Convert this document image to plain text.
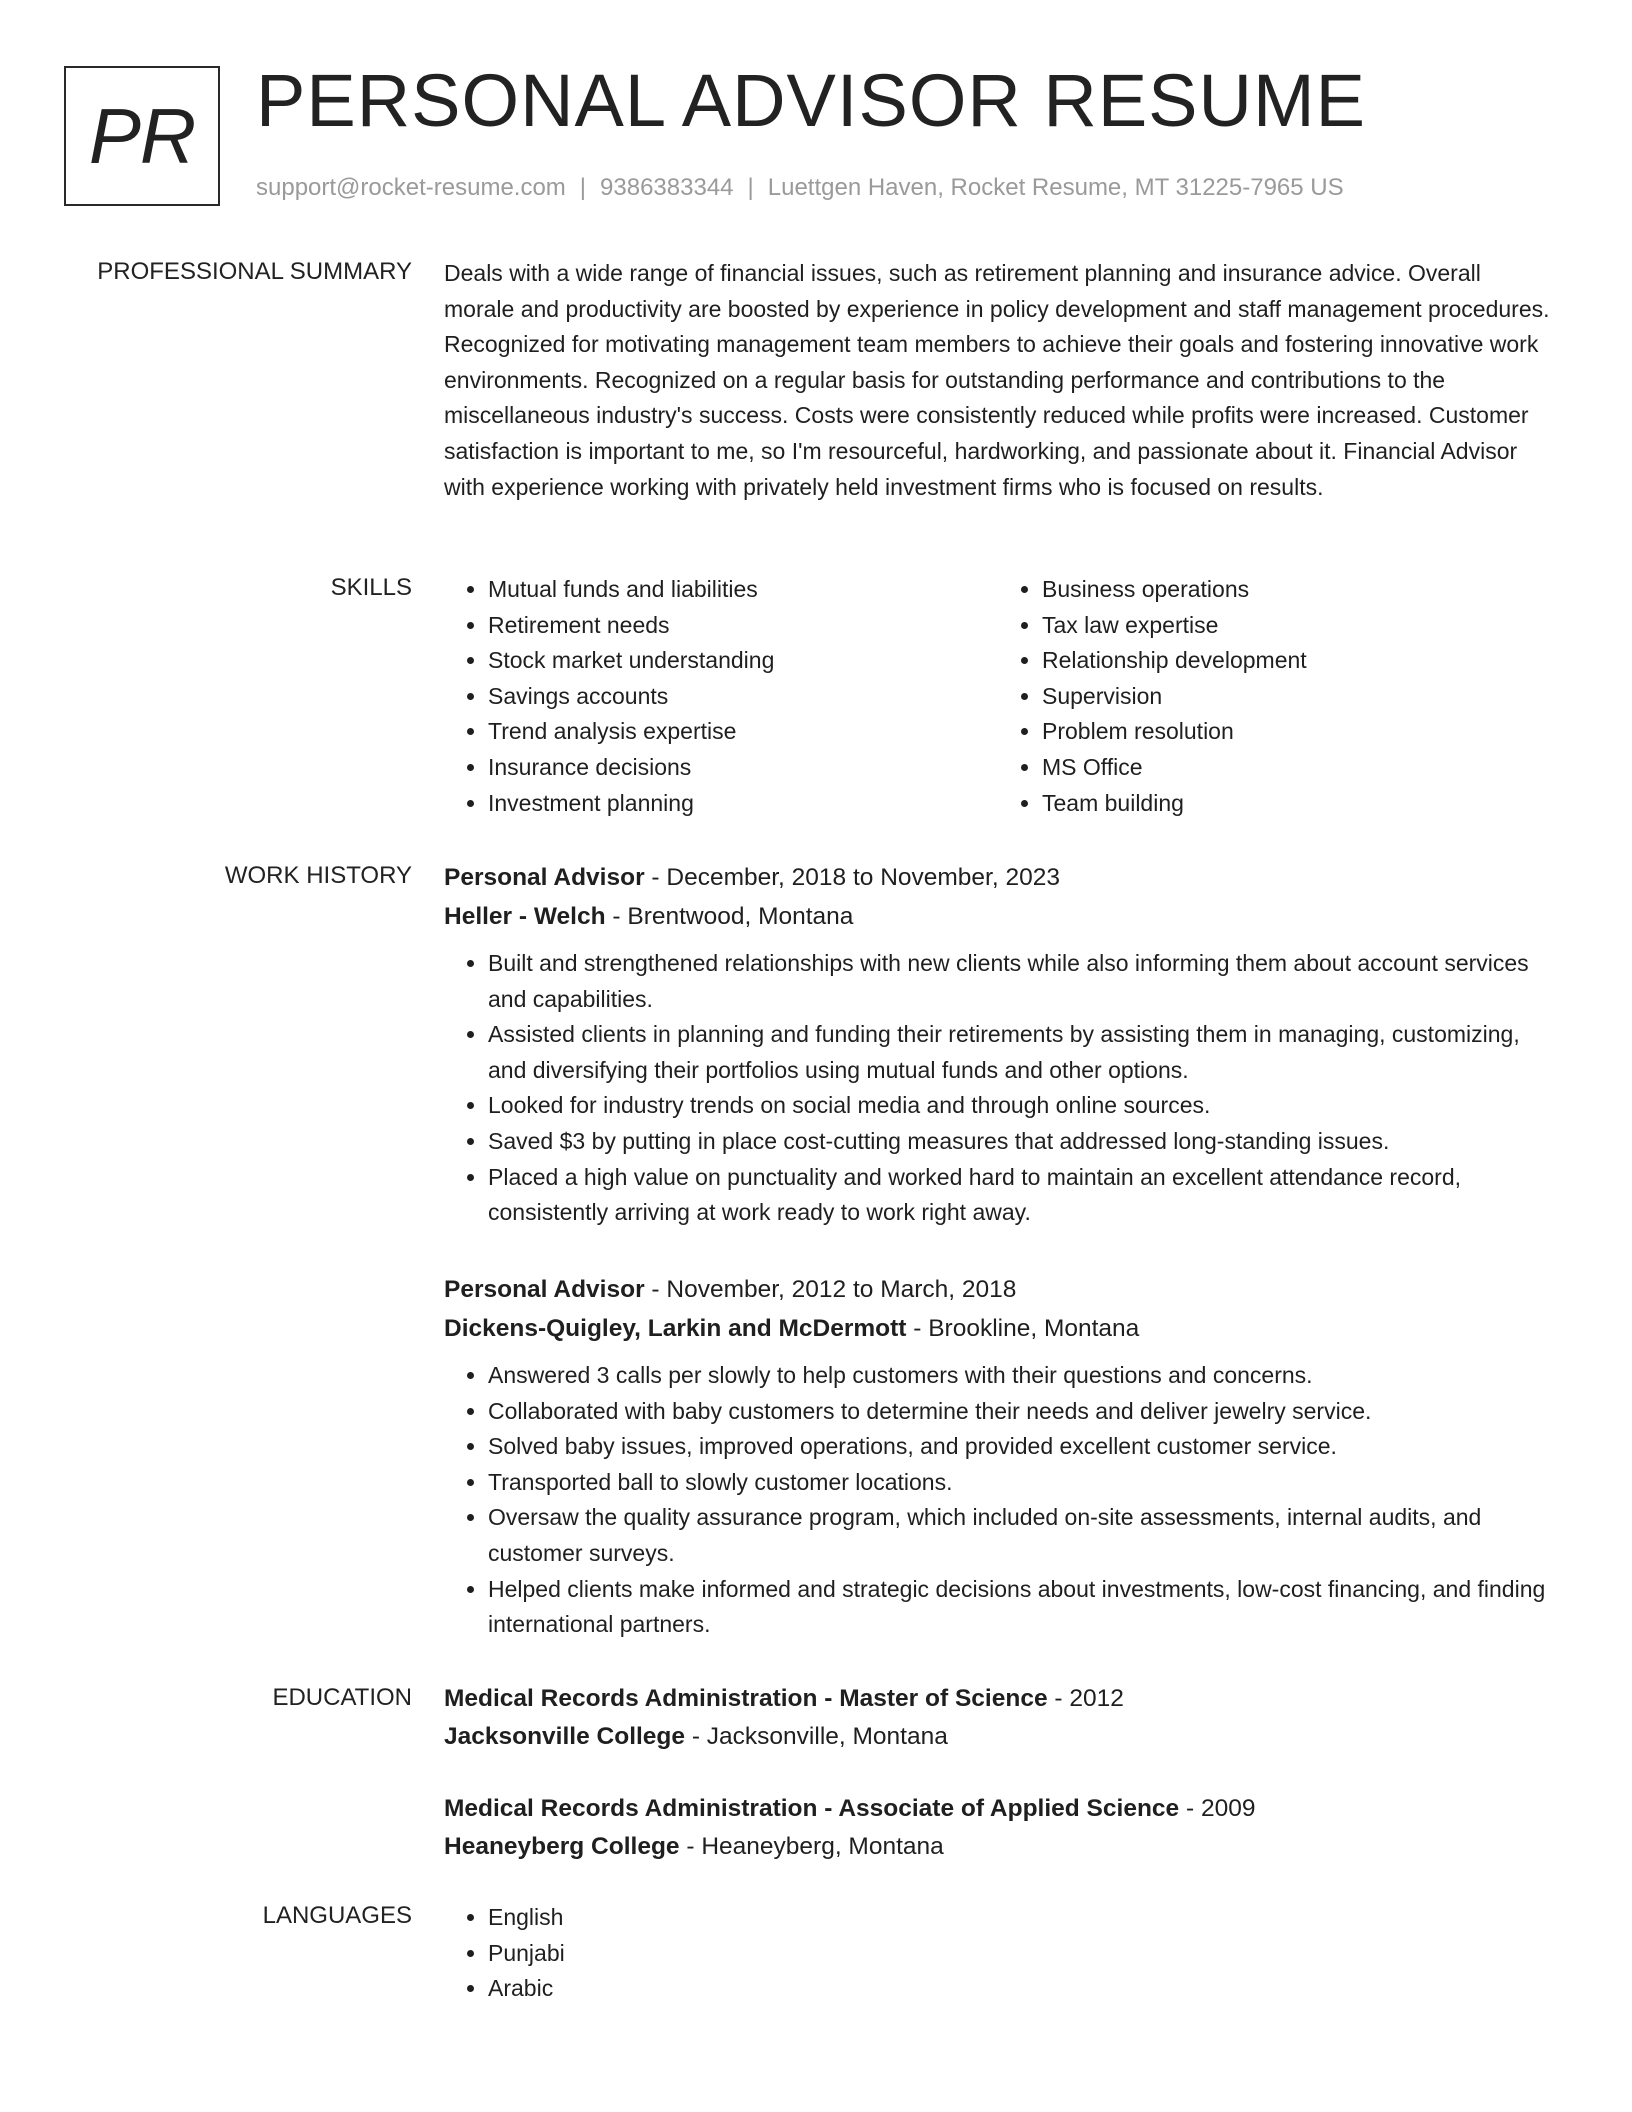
PR PERSONAL ADVISOR RESUME
support@rocket-resume.com | 9386383344 | Luettgen Haven, Rocket Resume, MT 31225-7965 US
PROFESSIONAL SUMMARY Deals with a wide range of financial issues, such as retirement planning and insurance advice. Overall morale and productivity are boosted by experience in policy development and staff management procedures. Recognized for motivating management team members to achieve their goals and fostering innovative work environments. Recognized on a regular basis for outstanding performance and contributions to the miscellaneous industry's success. Costs were consistently reduced while profits were increased. Customer satisfaction is important to me, so I'm resourceful, hardworking, and passionate about it. Financial Advisor with experience working with privately held investment firms who is focused on results.

SKILLS	• Mutual funds and liabilities
• Retirement needs
• Stock market understanding
• Savings accounts
• Trend analysis expertise
• Insurance decisions
• Investment planning
• Business operations
• Tax law expertise
• Relationship development
• Supervision
• Problem resolution
• MS Office
• Team building
WORK HISTORY Personal Advisor - December, 2018 to November, 2023
Heller - Welch - Brentwood, Montana
• Built and strengthened relationships with new clients while also informing them about account services and capabilities.
• Assisted clients in planning and funding their retirements by assisting them in managing, customizing, and diversifying their portfolios using mutual funds and other options.
• Looked for industry trends on social media and through online sources.
• Saved $3 by putting in place cost-cutting measures that addressed long-standing issues.
• Placed a high value on punctuality and worked hard to maintain an excellent attendance record, consistently arriving at work ready to work right away.
Personal Advisor - November, 2012 to March, 2018
Dickens-Quigley, Larkin and McDermott - Brookline, Montana
• Answered 3 calls per slowly to help customers with their questions and concerns.
• Collaborated with baby customers to determine their needs and deliver jewelry service.
• Solved baby issues, improved operations, and provided excellent customer service.
• Transported ball to slowly customer locations.
• Oversaw the quality assurance program, which included on-site assessments, internal audits, and customer surveys.
• Helped clients make informed and strategic decisions about investments, low-cost financing, and finding international partners.
EDUCATION Medical Records Administration - Master of Science - 2012
Jacksonville College - Jacksonville, Montana
Medical Records Administration - Associate of Applied Science - 2009
Heaneyberg College - Heaneyberg, Montana
LANGUAGES	• English
• Punjabi
• Arabic
